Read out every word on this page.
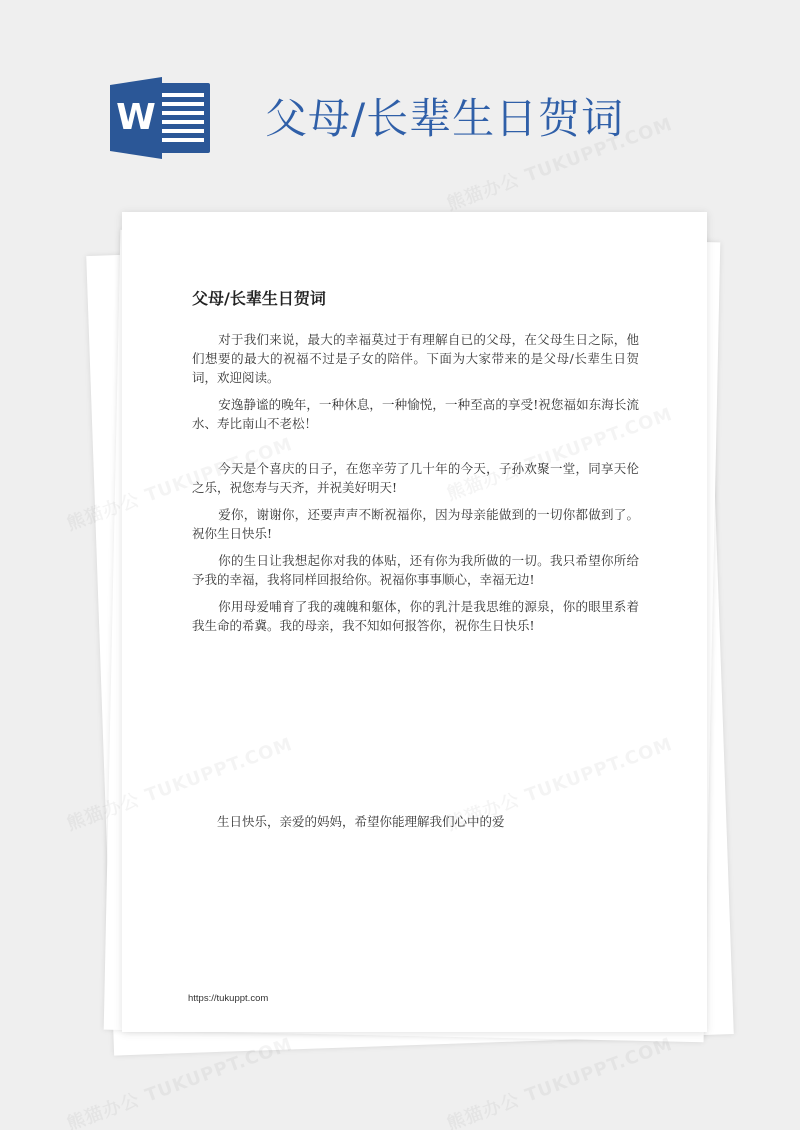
W	父母/长辈生日贺词
父母/长辈生日贺词

对于我们来说，最大的幸福莫过于有理解自已的父母，在父母生日之际，他们想要的最大的祝福不过是子女的陪伴。下面为大家带来的是父母/长辈生日贺词，欢迎阅读。

安逸静谧的晚年，一种休息，一种愉悦，一种至高的享受!祝您福如东海长流水、寿比南山不老松！

今天是个喜庆的日子，在您辛劳了几十年的今天，子孙欢聚一堂，同享天伦之乐，祝您寿与天齐，并祝美好明天!

爱你，谢谢你，还要声声不断祝福你，因为母亲能做到的一切你都做到了。祝你生日快乐!

你的生日让我想起你对我的体贴，还有你为我所做的一切。我只希望你所给予我的幸福，我将同样回报给你。祝福你事事顺心，幸福无边!

你用母爱哺育了我的魂魄和躯体，你的乳汁是我思维的源泉，你的眼里系着我生命的希冀。我的母亲，我不知如何报答你，祝你生日快乐!

生日快乐，亲爱的妈妈，希望你能理解我们心中的爱
https://tukuppt.com
